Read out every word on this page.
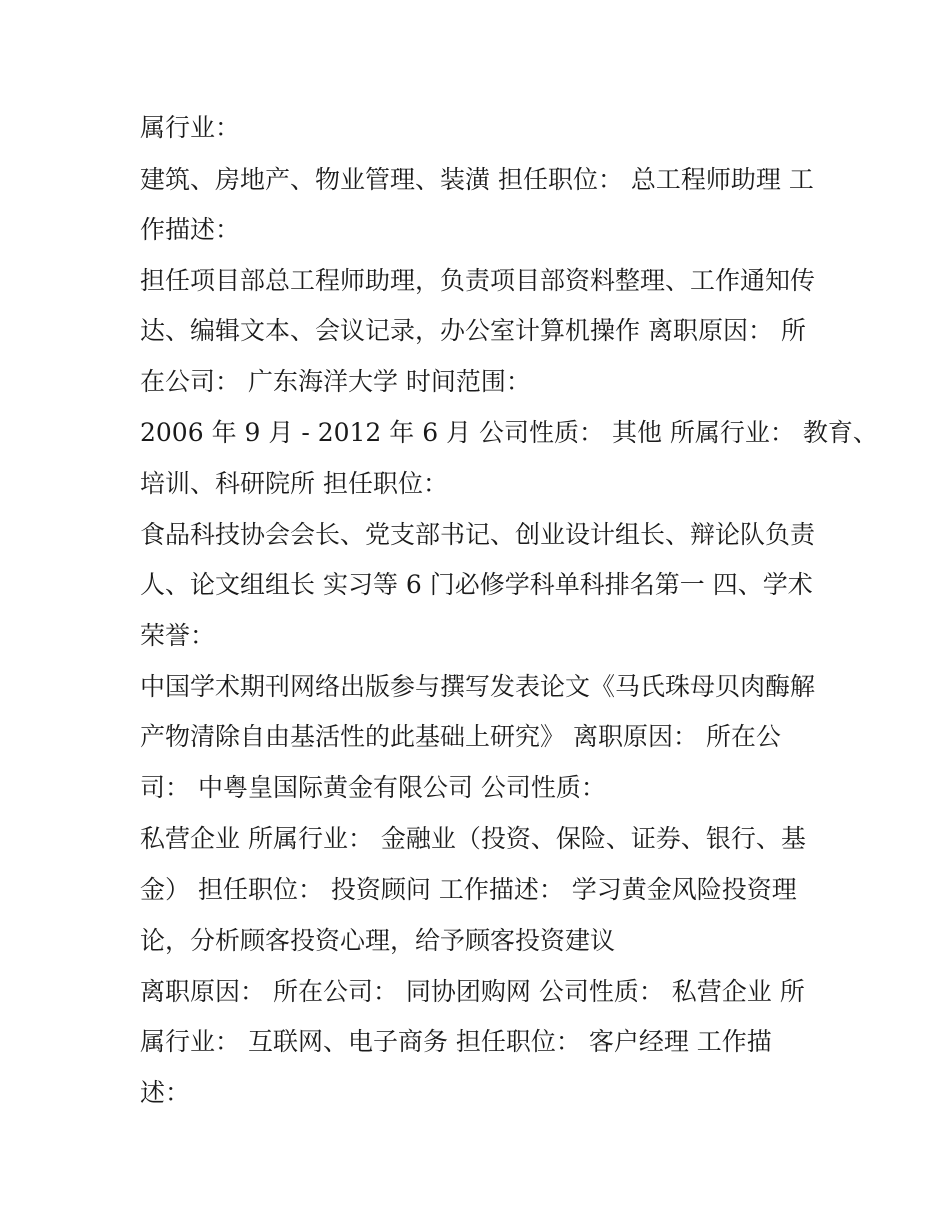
属行业：
建筑、房地产、物业管理、装潢 担任职位： 总工程师助理 工
作描述：
担任项目部总工程师助理，负责项目部资料整理、工作通知传
达、编辑文本、会议记录，办公室计算机操作 离职原因： 所
在公司： 广东海洋大学 时间范围：
2006 年 9 月 - 2012 年 6 月 公司性质： 其他 所属行业： 教育、
培训、科研院所 担任职位：
食品科技协会会长、党支部书记、创业设计组长、辩论队负责
人、论文组组长 实习等 6 门必修学科单科排名第一 四、学术
荣誉：
中国学术期刊网络出版参与撰写发表论文《马氏珠母贝肉酶解
产物清除自由基活性的此基础上研究》 离职原因： 所在公
司： 中粤皇国际黄金有限公司 公司性质：
私营企业 所属行业： 金融业（投资、保险、证券、银行、基
金） 担任职位： 投资顾问 工作描述： 学习黄金风险投资理
论，分析顾客投资心理，给予顾客投资建议
离职原因： 所在公司： 同协团购网 公司性质： 私营企业 所
属行业： 互联网、电子商务 担任职位： 客户经理 工作描
述：
